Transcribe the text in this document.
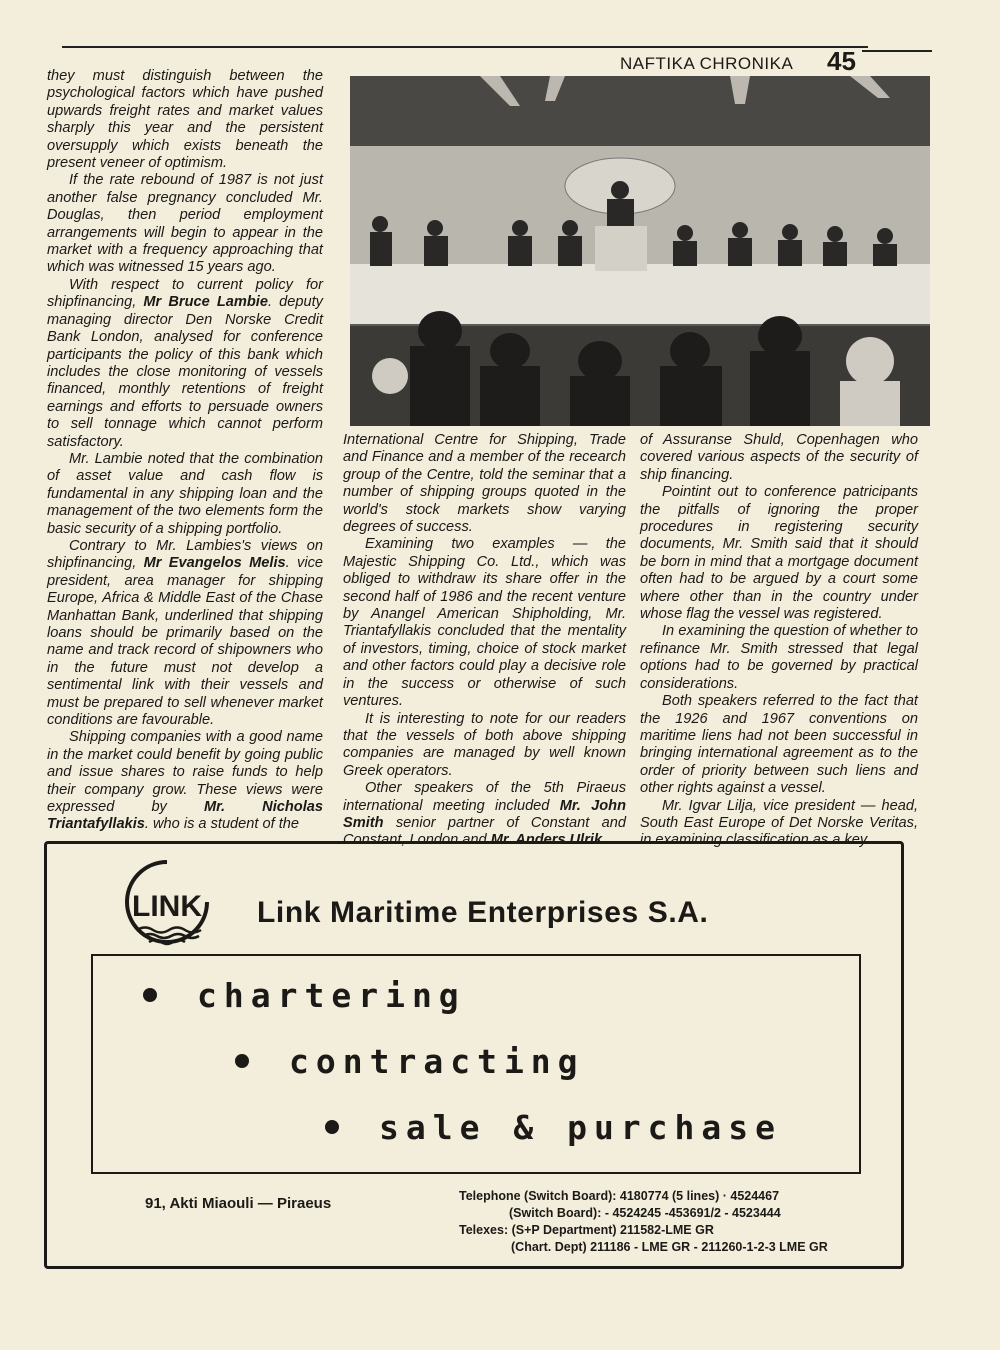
NAFTIKA CHRONIKA 45

they must distinguish between the psychological factors which have pushed upwards freight rates and market values sharply this year and the persistent oversupply which exists beneath the present veneer of optimism.

If the rate rebound of 1987 is not just another false pregnancy concluded Mr. Douglas, then period employment arrangements will begin to appear in the market with a frequency approaching that which was witnessed 15 years ago.

With respect to current policy for shipfinancing, Mr Bruce Lambie. deputy managing director Den Norske Credit Bank London, analysed for conference participants the policy of this bank which includes the close monitoring of vessels financed, monthly retentions of freight earnings and efforts to persuade owners to sell tonnage which cannot perform satisfactory.

Mr. Lambie noted that the combination of asset value and cash flow is fundamental in any shipping loan and the management of the two elements form the basic security of a shipping portfolio.

Contrary to Mr. Lambies's views on shipfinancing, Mr Evangelos Melis. vice president, area manager for shipping Europe, Africa & Middle East of the Chase Manhattan Bank, underlined that shipping loans should be primarily based on the name and track record of shipowners who in the future must not develop a sentimental link with their vessels and must be prepared to sell whenever market conditions are favourable.

Shipping companies with a good name in the market could benefit by going public and issue shares to raise funds to help their company grow. These views were expressed by Mr. Nicholas Triantafyllakis. who is a student of the

International Centre for Shipping, Trade and Finance and a member of the recearch group of the Centre, told the seminar that a number of shipping groups quoted in the world's stock markets show varying degrees of success.

Examining two examples — the Majestic Shipping Co. Ltd., which was obliged to withdraw its share offer in the second half of 1986 and the recent venture by Anangel American Shipholding, Mr. Triantafyllakis concluded that the mentality of investors, timing, choice of stock market and other factors could play a decisive role in the success or otherwise of such ventures.

It is interesting to note for our readers that the vessels of both above shipping companies are managed by well known Greek operators.

Other speakers of the 5th Piraeus international meeting included Mr. John Smith senior partner of Constant and Constant, London and Mr. Anders Ulrik

of Assuranse Shuld, Copenhagen who covered various aspects of the security of ship financing.

Pointint out to conference patricipants the pitfalls of ignoring the proper procedures in registering security documents, Mr. Smith said that it should be born in mind that a mortgage document often had to be argued by a court some where other than in the country under whose flag the vessel was registered.

In examining the question of whether to refinance Mr. Smith stressed that legal options had to be governed by practical considerations.

Both speakers referred to the fact that the 1926 and 1967 conventions on maritime liens had not been successful in bringing international agreement as to the order of priority between such liens and other rights against a vessel.

Mr. Igvar Lilja, vice president — head, South East Europe of Det Norske Veritas, in examining classification as a key

LINK Link Maritime Enterprises S.A.
chartering
contracting
sale & purchase
91, Akti Miaouli — Piraeus	Telephone (Switch Board): 4180774 (5 lines) · 4524467
(Switch Board): - 4524245 -453691/2 - 4523444
Telexes: (S+P Department) 211582-LME GR
(Chart. Dept) 211186 - LME GR - 211260-1-2-3 LME GR
